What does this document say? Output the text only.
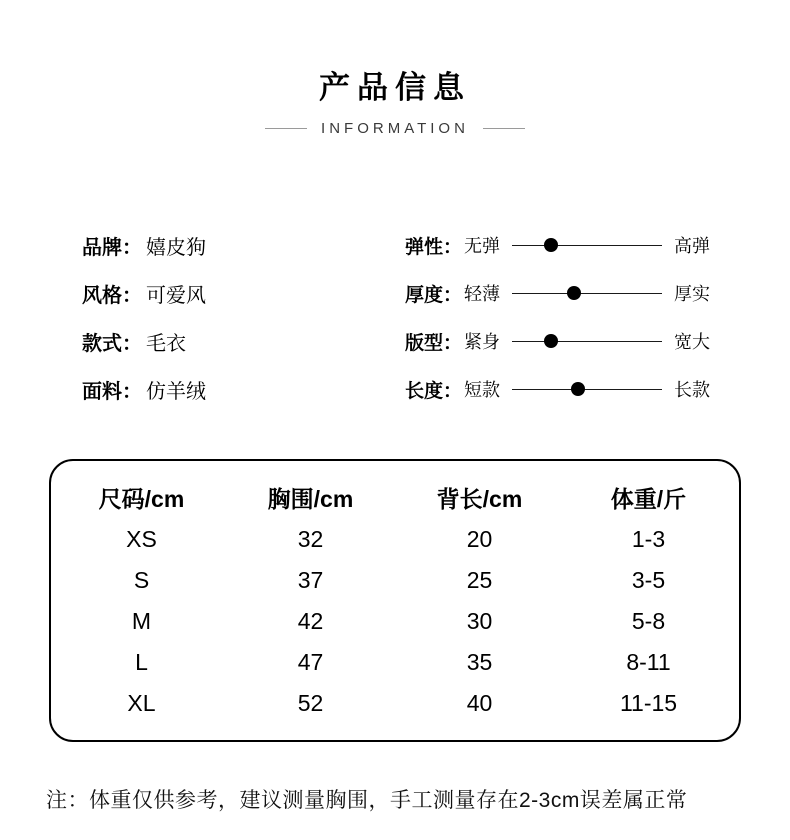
产品信息
INFORMATION
品牌： 嬉皮狗
风格： 可爱风
款式： 毛衣
面料： 仿羊绒
弹性： 无弹	高弹
厚度： 轻薄	厚实
版型： 紧身	宽大
长度： 短款	长款
尺码/cm	胸围/cm	背长/cm	体重/斤
XS	32	20	1-3
S	37	25	3-5
M	42	30	5-8
L	47	35	8-11
XL	52	40	11-15
注：体重仅供参考，建议测量胸围，手工测量存在2-3cm误差属正常
